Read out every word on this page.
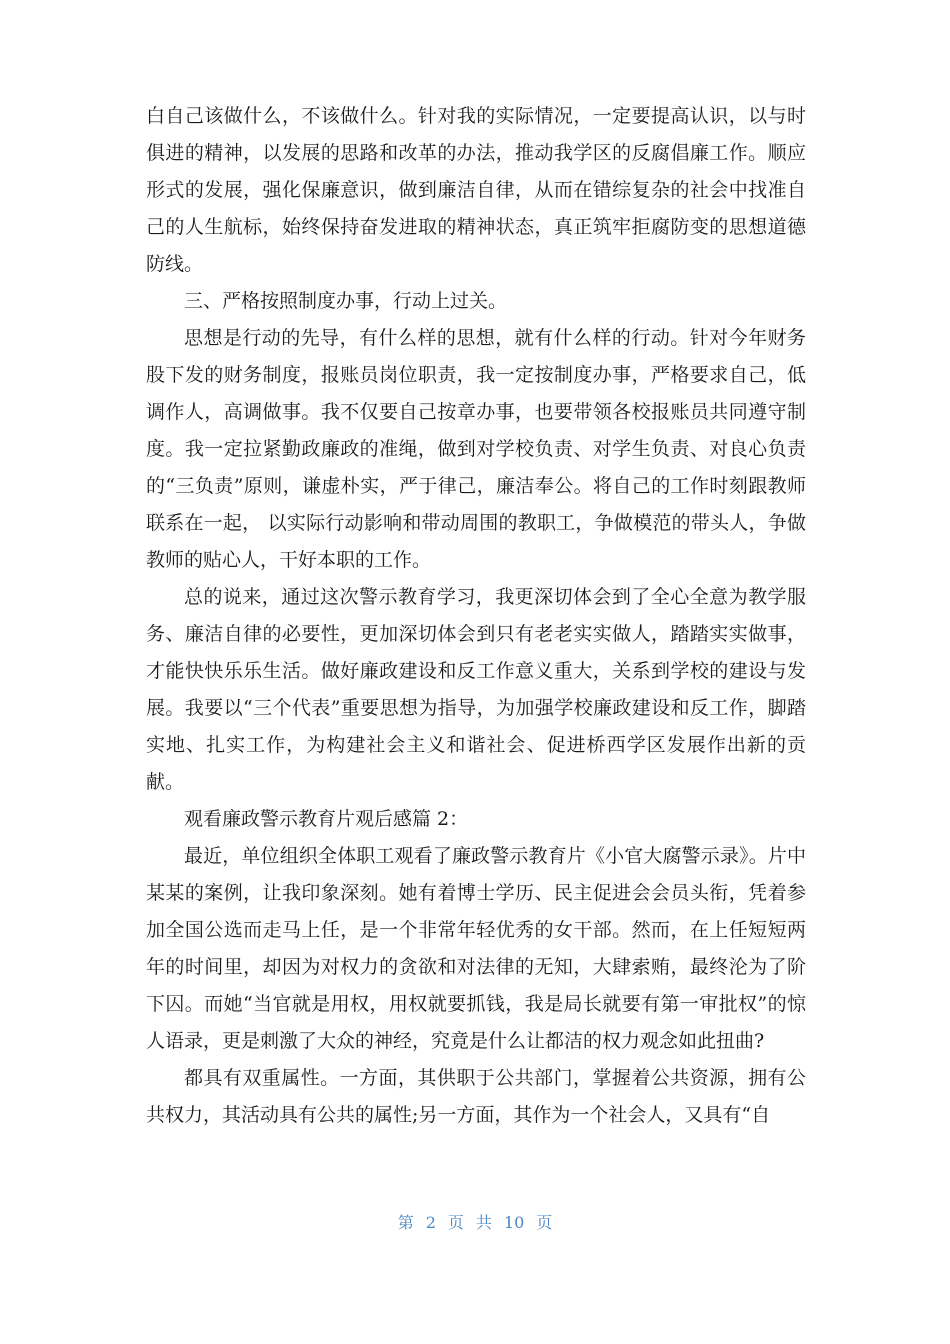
白自己该做什么，不该做什么。针对我的实际情况，一定要提高认识，以与时俱进的精神，以发展的思路和改革的办法，推动我学区的反腐倡廉工作。顺应形式的发展，强化保廉意识，做到廉洁自律，从而在错综复杂的社会中找准自己的人生航标，始终保持奋发进取的精神状态，真正筑牢拒腐防变的思想道德防线。

三、严格按照制度办事，行动上过关。

思想是行动的先导，有什么样的思想，就有什么样的行动。针对今年财务股下发的财务制度，报账员岗位职责，我一定按制度办事，严格要求自己，低调作人，高调做事。我不仅要自己按章办事，也要带领各校报账员共同遵守制度。我一定拉紧勤政廉政的准绳，做到对学校负责、对学生负责、对良心负责的“三负责”原则，谦虚朴实，严于律己，廉洁奉公。将自己的工作时刻跟教师联系在一起， 以实际行动影响和带动周围的教职工，争做模范的带头人，争做教师的贴心人，干好本职的工作。

总的说来，通过这次警示教育学习，我更深切体会到了全心全意为教学服务、廉洁自律的必要性，更加深切体会到只有老老实实做人，踏踏实实做事，才能快快乐乐生活。做好廉政建设和反工作意义重大，关系到学校的建设与发展。我要以“三个代表”重要思想为指导，为加强学校廉政建设和反工作，脚踏实地、扎实工作，为构建社会主义和谐社会、促进桥西学区发展作出新的贡献。

观看廉政警示教育片观后感篇 2：

最近，单位组织全体职工观看了廉政警示教育片《小官大腐警示录》。片中某某的案例，让我印象深刻。她有着博士学历、民主促进会会员头衔，凭着参加全国公选而走马上任，是一个非常年轻优秀的女干部。然而，在上任短短两年的时间里，却因为对权力的贪欲和对法律的无知，大肆索贿，最终沦为了阶下囚。而她“当官就是用权，用权就要抓钱，我是局长就要有第一审批权”的惊人语录，更是刺激了大众的神经，究竟是什么让都洁的权力观念如此扭曲?

都具有双重属性。一方面，其供职于公共部门，掌握着公共资源，拥有公共权力，其活动具有公共的属性;另一方面，其作为一个社会人，又具有“自

第 2 页 共 10 页
